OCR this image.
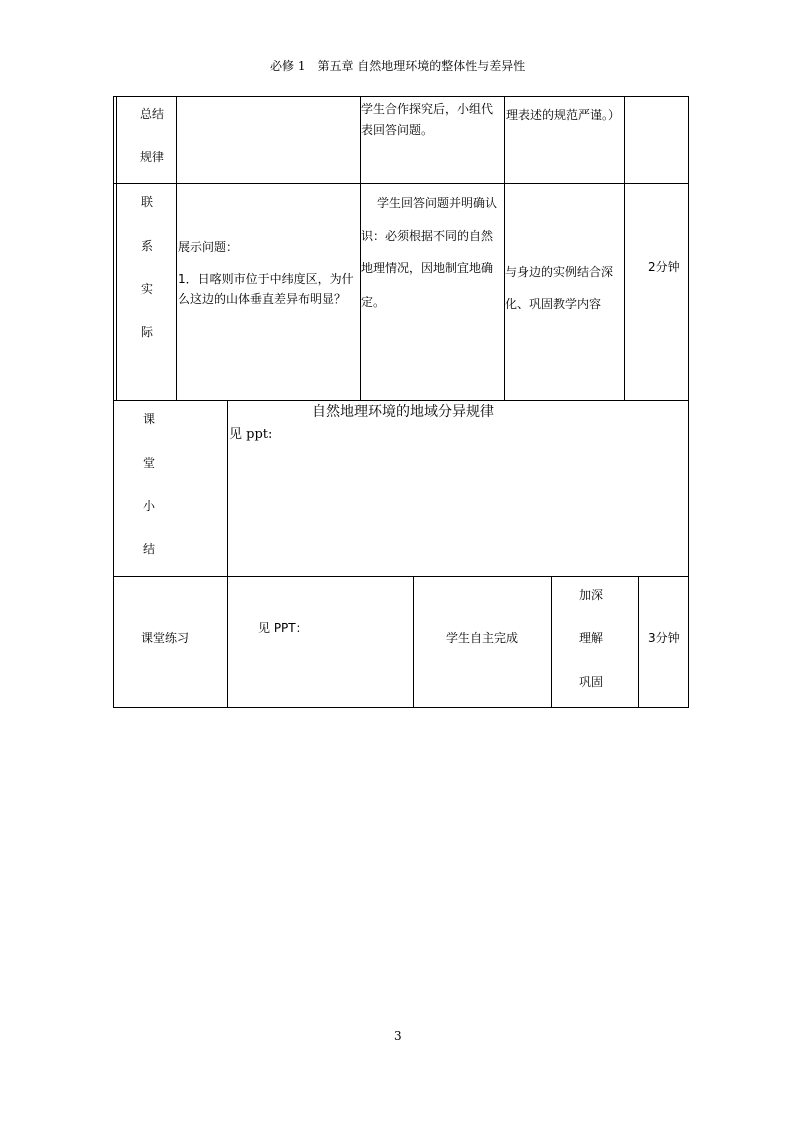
必修 1　第五章 自然地理环境的整体性与差异性
总结
规律
学生合作探究后，小组代
表回答问题。
理表述的规范严谨。）
联
系
实
际
展示问题：
1．日喀则市位于中纬度区，为什
么这边的山体垂直差异布明显？
学生回答问题并明确认
识：必须根据不同的自然
地理情况，因地制宜地确
定。
与身边的实例结合深
化、巩固教学内容
2分钟
课
堂
小
结
自然地理环境的地域分异规律
见 ppt:
课堂练习
见 PPT：
学生自主完成
加深
理解
巩固
3分钟
3
